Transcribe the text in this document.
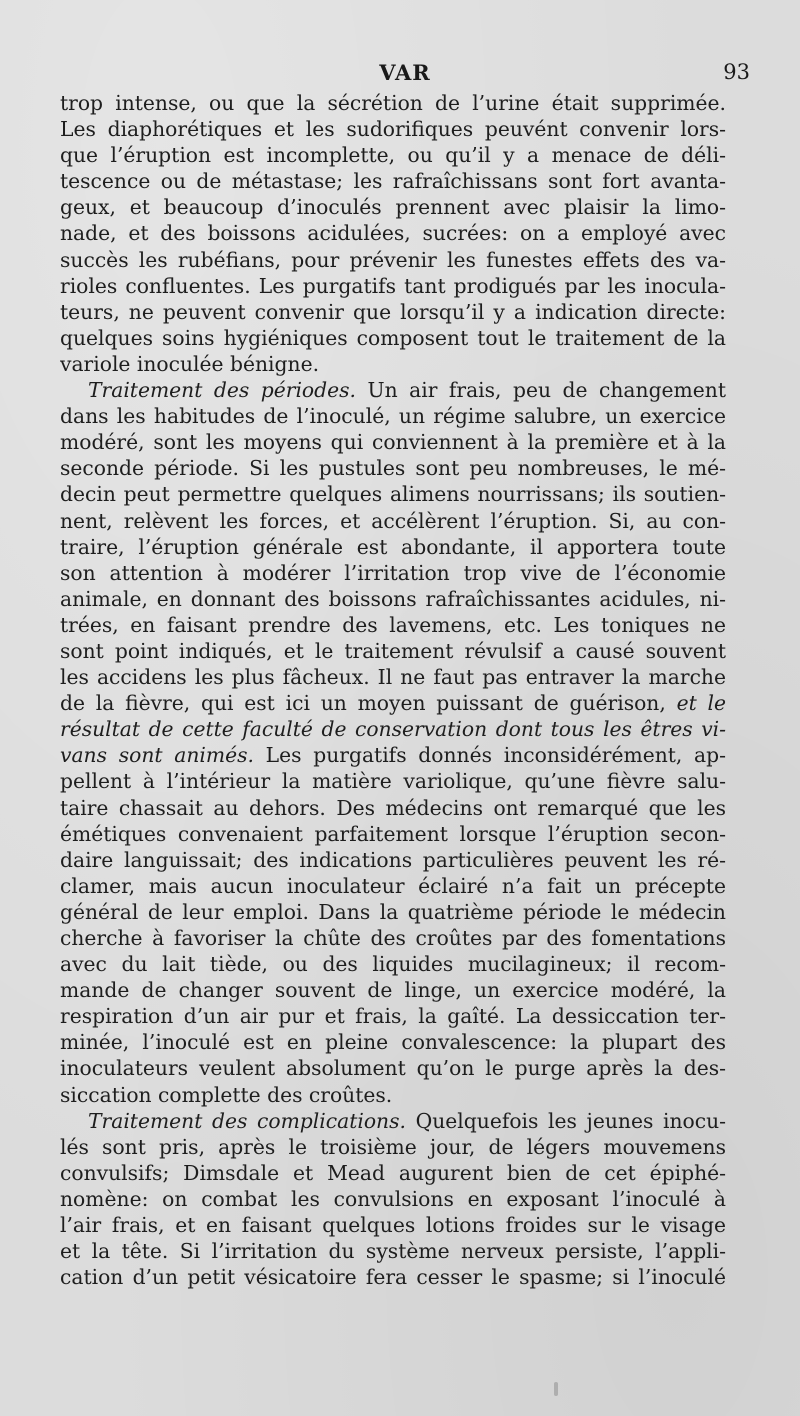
VAR	93
trop intense, ou que la sécrétion de l’urine était supprimée.
Les diaphorétiques et les sudorifiques peuvént convenir lors-
que l’éruption est incomplette, ou qu’il y a menace de déli-
tescence ou de métastase; les rafraîchissans sont fort avanta-
geux, et beaucoup d’inoculés prennent avec plaisir la limo-
nade, et des boissons acidulées, sucrées: on a employé avec
succès les rubéfians, pour prévenir les funestes effets des va-
rioles confluentes. Les purgatifs tant prodigués par les inocula-
teurs, ne peuvent convenir que lorsqu’il y a indication directe:
quelques soins hygiéniques composent tout le traitement de la
variole inoculée bénigne.
Traitement des périodes. Un air frais, peu de changement
dans les habitudes de l’inoculé, un régime salubre, un exercice
modéré, sont les moyens qui conviennent à la première et à la
seconde période. Si les pustules sont peu nombreuses, le mé-
decin peut permettre quelques alimens nourrissans; ils soutien-
nent, relèvent les forces, et accélèrent l’éruption. Si, au con-
traire, l’éruption générale est abondante, il apportera toute
son attention à modérer l’irritation trop vive de l’économie
animale, en donnant des boissons rafraîchissantes acidules, ni-
trées, en faisant prendre des lavemens, etc. Les toniques ne
sont point indiqués, et le traitement révulsif a causé souvent
les accidens les plus fâcheux. Il ne faut pas entraver la marche
de la fièvre, qui est ici un moyen puissant de guérison, et le
résultat de cette faculté de conservation dont tous les êtres vi-
vans sont animés. Les purgatifs donnés inconsidérément, ap-
pellent à l’intérieur la matière variolique, qu’une fièvre salu-
taire chassait au dehors. Des médecins ont remarqué que les
émétiques convenaient parfaitement lorsque l’éruption secon-
daire languissait; des indications particulières peuvent les ré-
clamer, mais aucun inoculateur éclairé n’a fait un précepte
général de leur emploi. Dans la quatrième période le médecin
cherche à favoriser la chûte des croûtes par des fomentations
avec du lait tiède, ou des liquides mucilagineux; il recom-
mande de changer souvent de linge, un exercice modéré, la
respiration d’un air pur et frais, la gaîté. La dessiccation ter-
minée, l’inoculé est en pleine convalescence: la plupart des
inoculateurs veulent absolument qu’on le purge après la des-
siccation complette des croûtes.
Traitement des complications. Quelquefois les jeunes inocu-
lés sont pris, après le troisième jour, de légers mouvemens
convulsifs; Dimsdale et Mead augurent bien de cet épiphé-
nomène: on combat les convulsions en exposant l’inoculé à
l’air frais, et en faisant quelques lotions froides sur le visage
et la tête. Si l’irritation du système nerveux persiste, l’appli-
cation d’un petit vésicatoire fera cesser le spasme; si l’inoculé
